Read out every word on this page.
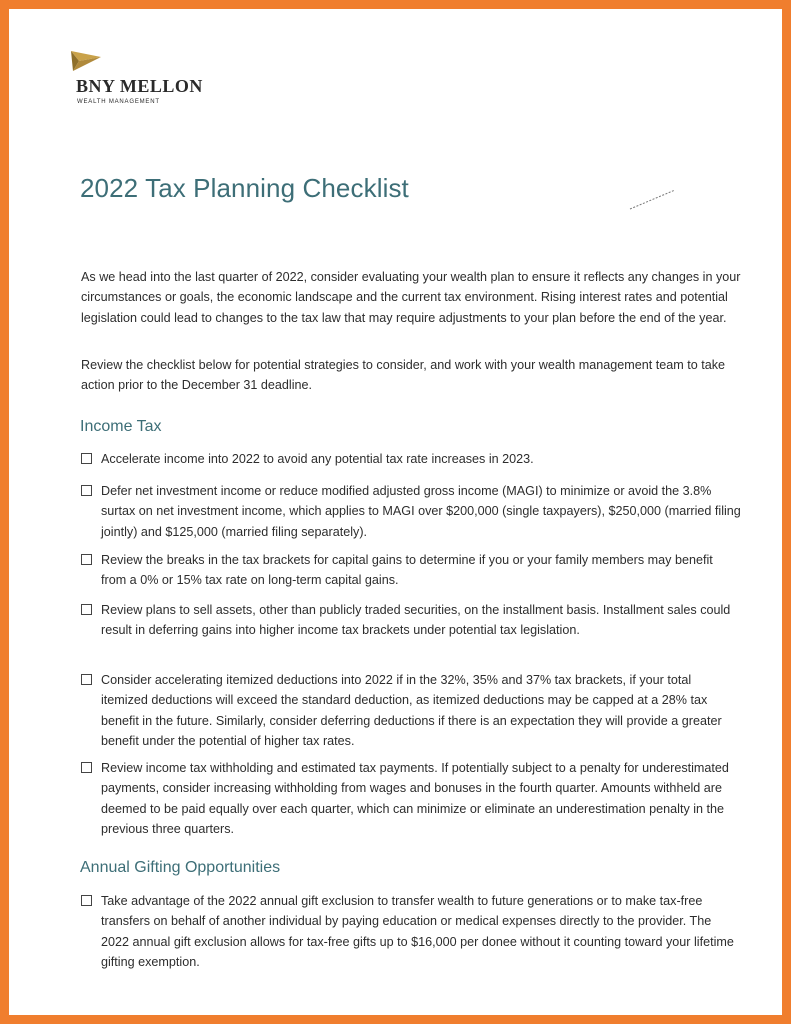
BNY MELLON
WEALTH MANAGEMENT
2022 Tax Planning Checklist

As we head into the last quarter of 2022, consider evaluating your wealth plan to ensure it reflects any changes in your circumstances or goals, the economic landscape and the current tax environment. Rising interest rates and potential legislation could lead to changes to the tax law that may require adjustments to your plan before the end of the year.

Review the checklist below for potential strategies to consider, and work with your wealth management team to take action prior to the December 31 deadline.

Income Tax
Accelerate income into 2022 to avoid any potential tax rate increases in 2023.
Defer net investment income or reduce modified adjusted gross income (MAGI) to minimize or avoid the 3.8% surtax on net investment income, which applies to MAGI over $200,000 (single taxpayers), $250,000 (married filing jointly) and $125,000 (married filing separately).
Review the breaks in the tax brackets for capital gains to determine if you or your family members may benefit from a 0% or 15% tax rate on long-term capital gains.
Review plans to sell assets, other than publicly traded securities, on the installment basis. Installment sales could result in deferring gains into higher income tax brackets under potential tax legislation.
Consider accelerating itemized deductions into 2022 if in the 32%, 35% and 37% tax brackets, if your total itemized deductions will exceed the standard deduction, as itemized deductions may be capped at a 28% tax benefit in the future. Similarly, consider deferring deductions if there is an expectation they will provide a greater benefit under the potential of higher tax rates.
Review income tax withholding and estimated tax payments. If potentially subject to a penalty for underestimated payments, consider increasing withholding from wages and bonuses in the fourth quarter. Amounts withheld are deemed to be paid equally over each quarter, which can minimize or eliminate an underestimation penalty in the previous three quarters.
Annual Gifting Opportunities
Take advantage of the 2022 annual gift exclusion to transfer wealth to future generations or to make tax-free transfers on behalf of another individual by paying education or medical expenses directly to the provider. The 2022 annual gift exclusion allows for tax-free gifts up to $16,000 per donee without it counting toward your lifetime gifting exemption.
